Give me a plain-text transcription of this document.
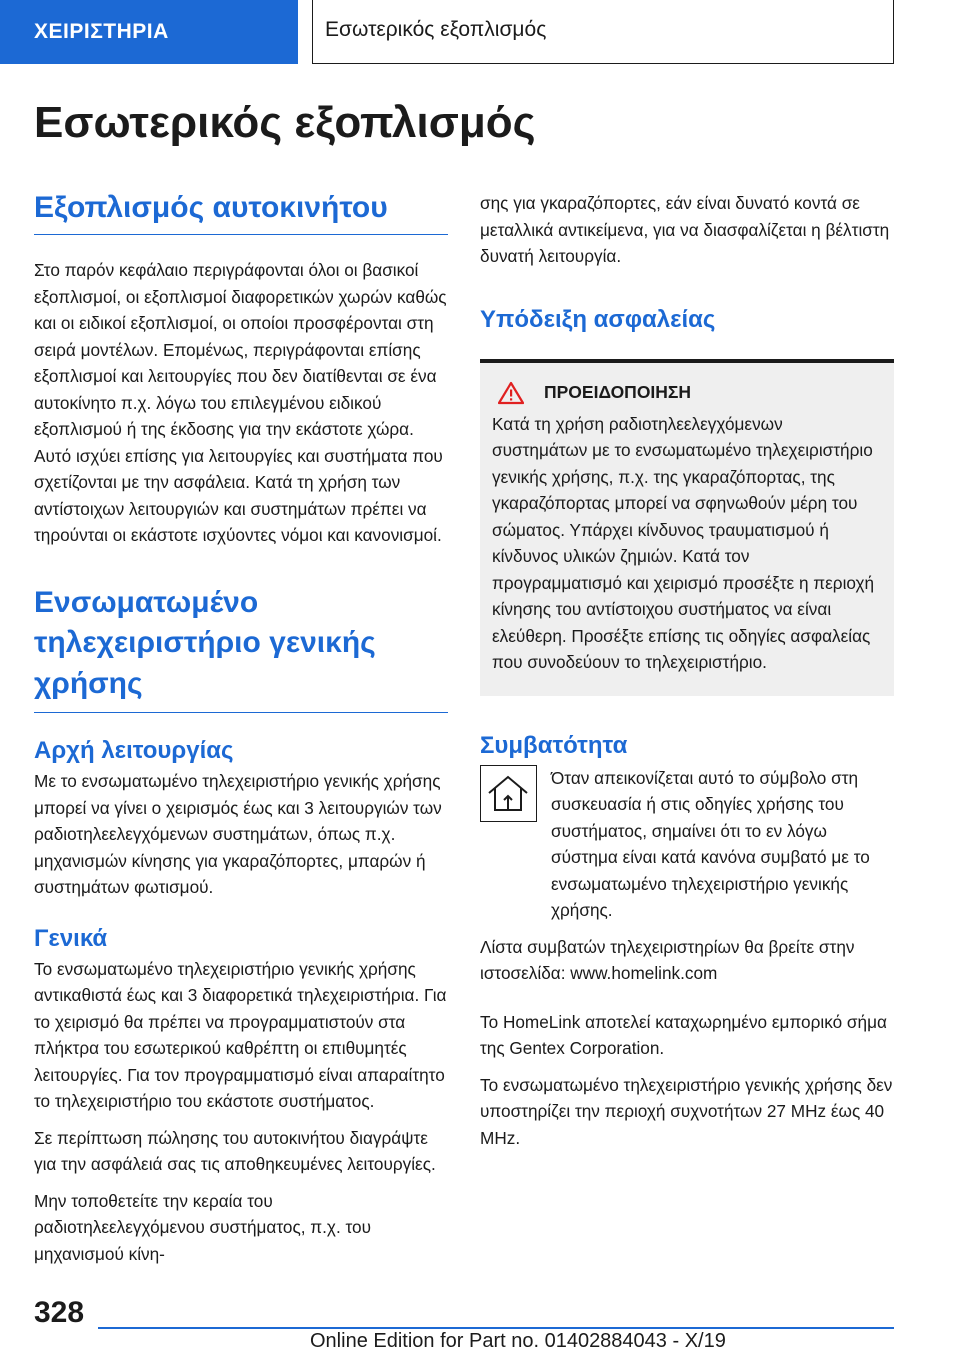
ΧΕΙΡΙΣΤΗΡΙΑ	Εσωτερικός εξοπλισμός
Εσωτερικός εξοπλισμός
Εξοπλισμός αυτοκινήτου

Στο παρόν κεφάλαιο περιγράφονται όλοι οι βασικοί εξοπλισμοί, οι εξοπλισμοί διαφορετικών χωρών καθώς και οι ειδικοί εξοπλισμοί, οι οποίοι προσφέρονται στη σειρά μοντέλων. Επομένως, περιγράφονται επίσης εξοπλισμοί και λειτουργίες που δεν διατίθενται σε ένα αυτοκίνητο π.χ. λόγω του επιλεγμένου ειδικού εξοπλισμού ή της έκδοσης για την εκάστοτε χώρα. Αυτό ισχύει επίσης για λειτουργίες και συστήματα που σχετίζονται με την ασφάλεια. Κατά τη χρήση των αντίστοιχων λειτουργιών και συστημάτων πρέπει να τηρούνται οι εκάστοτε ισχύοντες νόμοι και κανονισμοί.

Ενσωματωμένο τηλεχειριστήριο γενικής χρήσης
Αρχή λειτουργίας

Με το ενσωματωμένο τηλεχειριστήριο γενικής χρήσης μπορεί να γίνει ο χειρισμός έως και 3 λειτουργιών των ραδιοτηλεελεγχόμενων συστημάτων, όπως π.χ. μηχανισμών κίνησης για γκαραζόπορτες, μπαρών ή συστημάτων φωτισμού.

Γενικά

Το ενσωματωμένο τηλεχειριστήριο γενικής χρήσης αντικαθιστά έως και 3 διαφορετικά τηλεχειριστήρια. Για το χειρισμό θα πρέπει να προγραμματιστούν στα πλήκτρα του εσωτερικού καθρέπτη οι επιθυμητές λειτουργίες. Για τον προγραμματισμό είναι απαραίτητο το τηλεχειριστήριο του εκάστοτε συστήματος.

Σε περίπτωση πώλησης του αυτοκινήτου διαγράψτε για την ασφάλειά σας τις αποθηκευμένες λειτουργίες.

Μην τοποθετείτε την κεραία του ραδιοτηλεελεγχόμενου συστήματος, π.χ. του μηχανισμού κίνη-

σης για γκαραζόπορτες, εάν είναι δυνατό κοντά σε μεταλλικά αντικείμενα, για να διασφαλίζεται η βέλτιστη δυνατή λειτουργία.

Υπόδειξη ασφαλείας
ΠΡΟΕΙΔΟΠΟΙΗΣΗ

Κατά τη χρήση ραδιοτηλεελεγχόμενων συστημάτων με το ενσωματωμένο τηλεχειριστήριο γενικής χρήσης, π.χ. της γκαραζόπορτας, της γκαραζόπορτας μπορεί να σφηνωθούν μέρη του σώματος. Υπάρχει κίνδυνος τραυματισμού ή κίνδυνος υλικών ζημιών. Κατά τον προγραμματισμό και χειρισμό προσέξτε η περιοχή κίνησης του αντίστοιχου συστήματος να είναι ελεύθερη. Προσέξτε επίσης τις οδηγίες ασφαλείας που συνοδεύουν το τηλεχειριστήριο.

Συμβατότητα

Όταν απεικονίζεται αυτό το σύμβολο στη συσκευασία ή στις οδηγίες χρήσης του συστήματος, σημαίνει ότι το εν λόγω σύστημα είναι κατά κανόνα συμβατό με το ενσωματωμένο τηλεχειριστήριο γενικής χρήσης.

Λίστα συμβατών τηλεχειριστηρίων θα βρείτε στην ιστοσελίδα: www.homelink.com

Το HomeLink αποτελεί καταχωρημένο εμπορικό σήμα της Gentex Corporation.

Το ενσωματωμένο τηλεχειριστήριο γενικής χρήσης δεν υποστηρίζει την περιοχή συχνοτήτων 27 MHz έως 40 MHz.

328
Online Edition for Part no. 01402884043 - X/19
